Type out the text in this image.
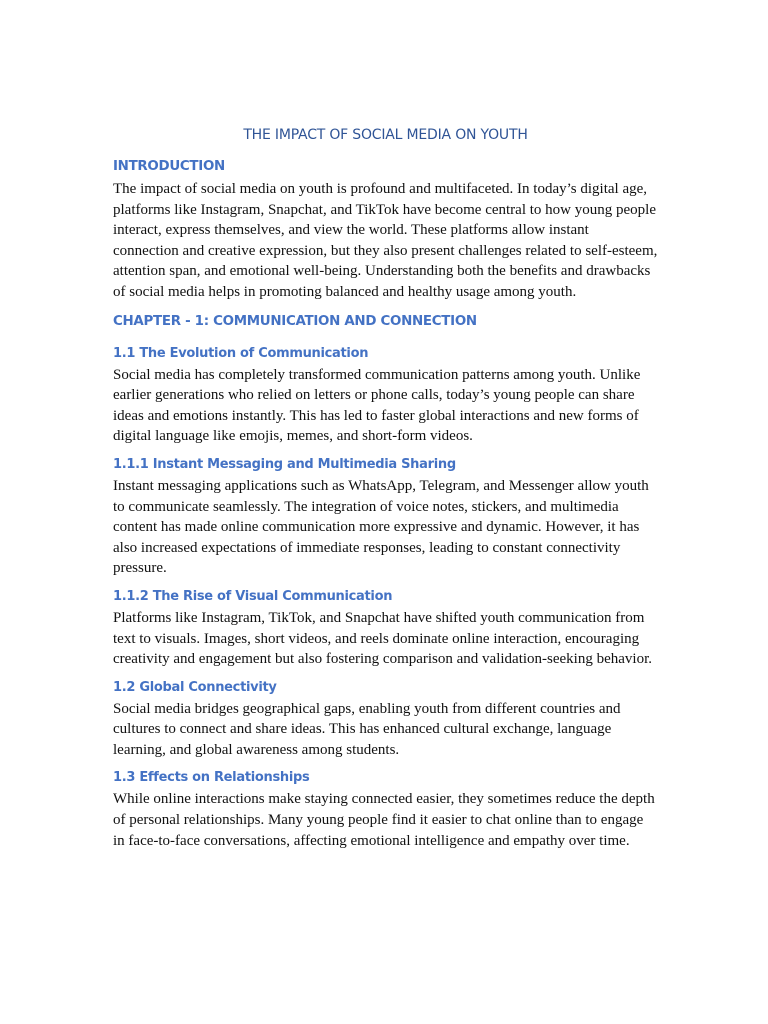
THE IMPACT OF SOCIAL MEDIA ON YOUTH
INTRODUCTION

The impact of social media on youth is profound and multifaceted. In today’s digital age, platforms like Instagram, Snapchat, and TikTok have become central to how young people interact, express themselves, and view the world. These platforms allow instant connection and creative expression, but they also present challenges related to self-esteem, attention span, and emotional well-being. Understanding both the benefits and drawbacks of social media helps in promoting balanced and healthy usage among youth.

CHAPTER - 1: COMMUNICATION AND CONNECTION
1.1 The Evolution of Communication

Social media has completely transformed communication patterns among youth. Unlike earlier generations who relied on letters or phone calls, today’s young people can share ideas and emotions instantly. This has led to faster global interactions and new forms of digital language like emojis, memes, and short-form videos.

1.1.1 Instant Messaging and Multimedia Sharing

Instant messaging applications such as WhatsApp, Telegram, and Messenger allow youth to communicate seamlessly. The integration of voice notes, stickers, and multimedia content has made online communication more expressive and dynamic. However, it has also increased expectations of immediate responses, leading to constant connectivity pressure.

1.1.2 The Rise of Visual Communication

Platforms like Instagram, TikTok, and Snapchat have shifted youth communication from text to visuals. Images, short videos, and reels dominate online interaction, encouraging creativity and engagement but also fostering comparison and validation-seeking behavior.

1.2 Global Connectivity

Social media bridges geographical gaps, enabling youth from different countries and cultures to connect and share ideas. This has enhanced cultural exchange, language learning, and global awareness among students.

1.3 Effects on Relationships

While online interactions make staying connected easier, they sometimes reduce the depth of personal relationships. Many young people find it easier to chat online than to engage in face-to-face conversations, affecting emotional intelligence and empathy over time.
